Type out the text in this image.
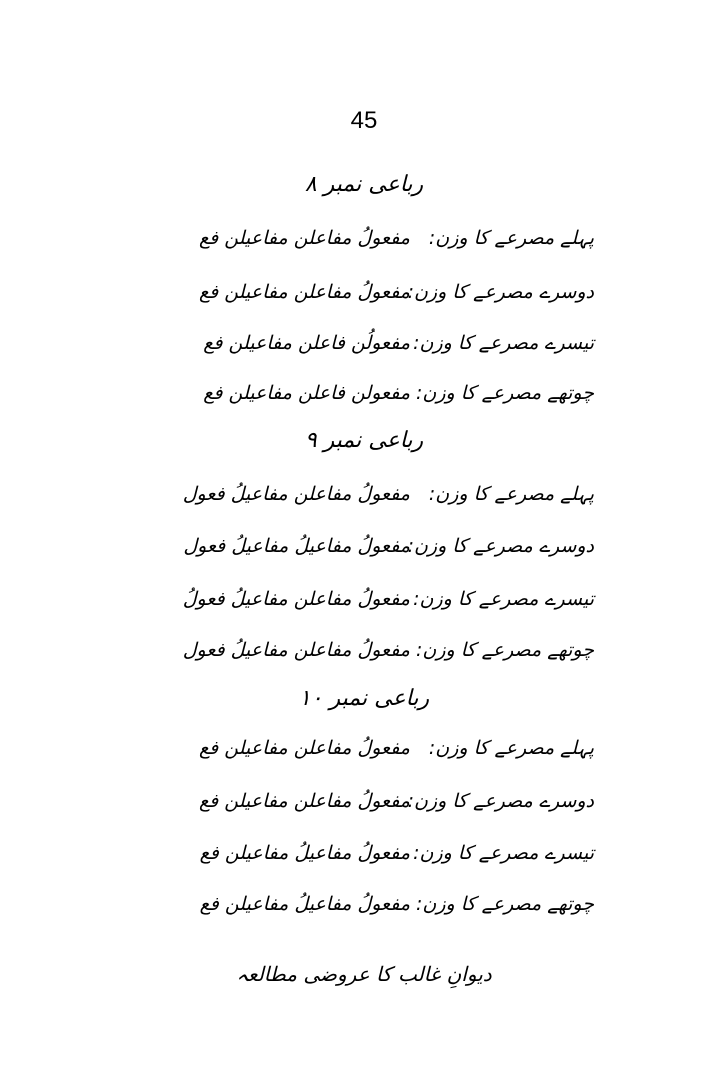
45
رباعی نمبر ۸
پہلے مصرعے کا وزن:
مفعولُ مفاعلن مفاعیلن فع
دوسرے مصرعے کا وزن:
مفعولُ مفاعلن مفاعیلن فع
تیسرے مصرعے کا وزن:
مفعولُن فاعلن مفاعیلن فع
چوتھے مصرعے کا وزن:
مفعولن فاعلن مفاعیلن فع
رباعی نمبر ۹
پہلے مصرعے کا وزن:
مفعولُ مفاعلن مفاعیلُ فعول
دوسرے مصرعے کا وزن:
مفعولُ مفاعیلُ مفاعیلُ فعول
تیسرے مصرعے کا وزن:
مفعولُ مفاعلن مفاعیلُ فعولُ
چوتھے مصرعے کا وزن:
مفعولُ مفاعلن مفاعیلُ فعول
رباعی نمبر ۱۰
پہلے مصرعے کا وزن:
مفعولُ مفاعلن مفاعیلن فع
دوسرے مصرعے کا وزن:
مفعولُ مفاعلن مفاعیلن فع
تیسرے مصرعے کا وزن:
مفعولُ مفاعیلُ مفاعیلن فع
چوتھے مصرعے کا وزن:
مفعولُ مفاعیلُ مفاعیلن فع
دیوانِ غالب کا عروضی مطالعہ
